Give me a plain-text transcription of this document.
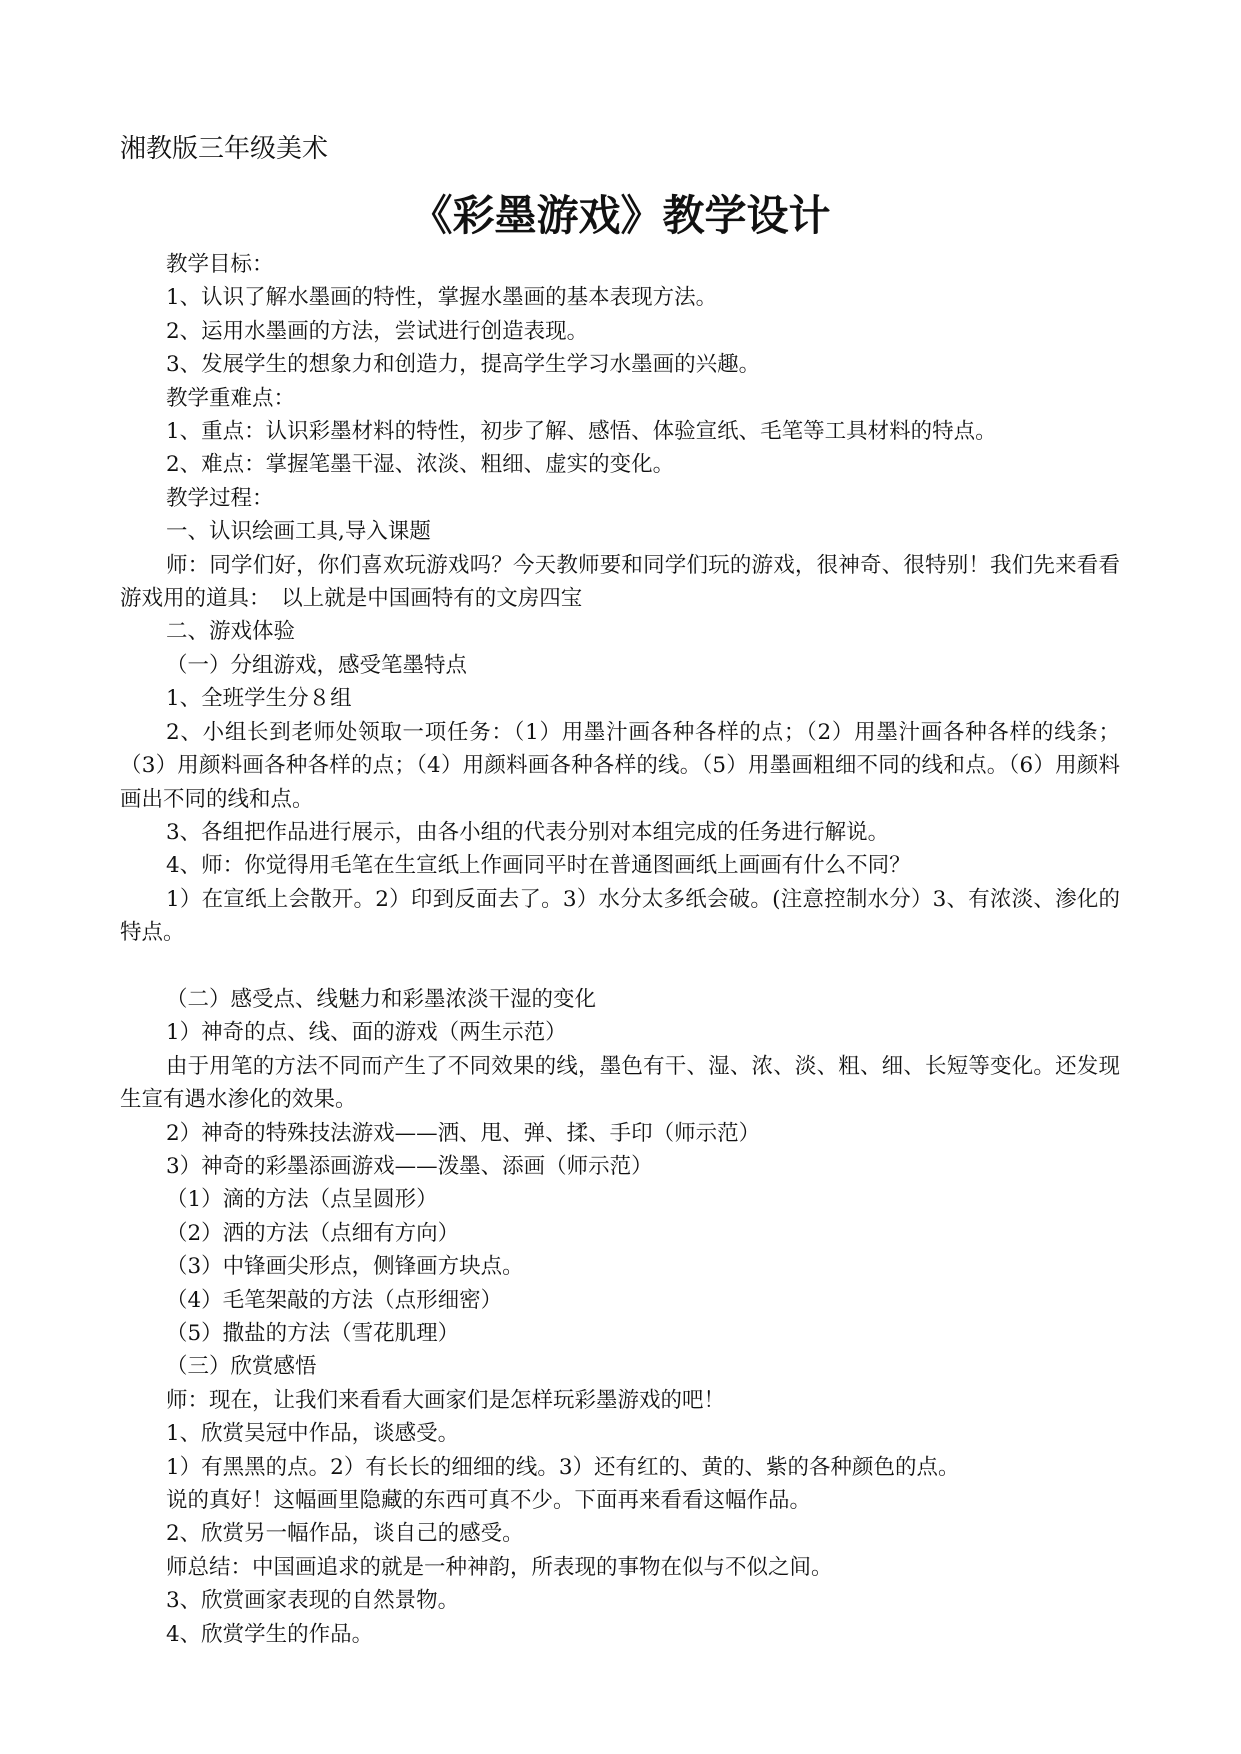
湘教版三年级美术
《彩墨游戏》教学设计
教学目标：
1、认识了解水墨画的特性，掌握水墨画的基本表现方法。
2、运用水墨画的方法，尝试进行创造表现。
3、发展学生的想象力和创造力，提高学生学习水墨画的兴趣。
教学重难点：
1、重点：认识彩墨材料的特性，初步了解、感悟、体验宣纸、毛笔等工具材料的特点。
2、难点：掌握笔墨干湿、浓淡、粗细、虚实的变化。
教学过程：
一、认识绘画工具,导入课题
师：同学们好，你们喜欢玩游戏吗？今天教师要和同学们玩的游戏，很神奇、很特别！我们先来看看游戏用的道具：　以上就是中国画特有的文房四宝
二、游戏体验
（一）分组游戏，感受笔墨特点
1、全班学生分８组
2、小组长到老师处领取一项任务：（1）用墨汁画各种各样的点；（2）用墨汁画各种各样的线条；（3）用颜料画各种各样的点；（4）用颜料画各种各样的线。（5）用墨画粗细不同的线和点。（6）用颜料画出不同的线和点。
3、各组把作品进行展示，由各小组的代表分别对本组完成的任务进行解说。
4、师：你觉得用毛笔在生宣纸上作画同平时在普通图画纸上画画有什么不同？
1）在宣纸上会散开。2）印到反面去了。3）水分太多纸会破。(注意控制水分）3、有浓淡、渗化的特点。
（二）感受点、线魅力和彩墨浓淡干湿的变化
1）神奇的点、线、面的游戏（两生示范）
由于用笔的方法不同而产生了不同效果的线，墨色有干、湿、浓、淡、粗、细、长短等变化。还发现生宣有遇水渗化的效果。
2）神奇的特殊技法游戏——洒、甩、弹、揉、手印（师示范）
3）神奇的彩墨添画游戏——泼墨、添画（师示范）
（1）滴的方法（点呈圆形）
（2）洒的方法（点细有方向）
（3）中锋画尖形点，侧锋画方块点。
（4）毛笔架敲的方法（点形细密）
（5）撒盐的方法（雪花肌理）
（三）欣赏感悟
师：现在，让我们来看看大画家们是怎样玩彩墨游戏的吧！
1、欣赏吴冠中作品，谈感受。
1）有黑黑的点。2）有长长的细细的线。3）还有红的、黄的、紫的各种颜色的点。
说的真好！这幅画里隐藏的东西可真不少。下面再来看看这幅作品。
2、欣赏另一幅作品，谈自己的感受。
师总结：中国画追求的就是一种神韵，所表现的事物在似与不似之间。
3、欣赏画家表现的自然景物。
4、欣赏学生的作品。
